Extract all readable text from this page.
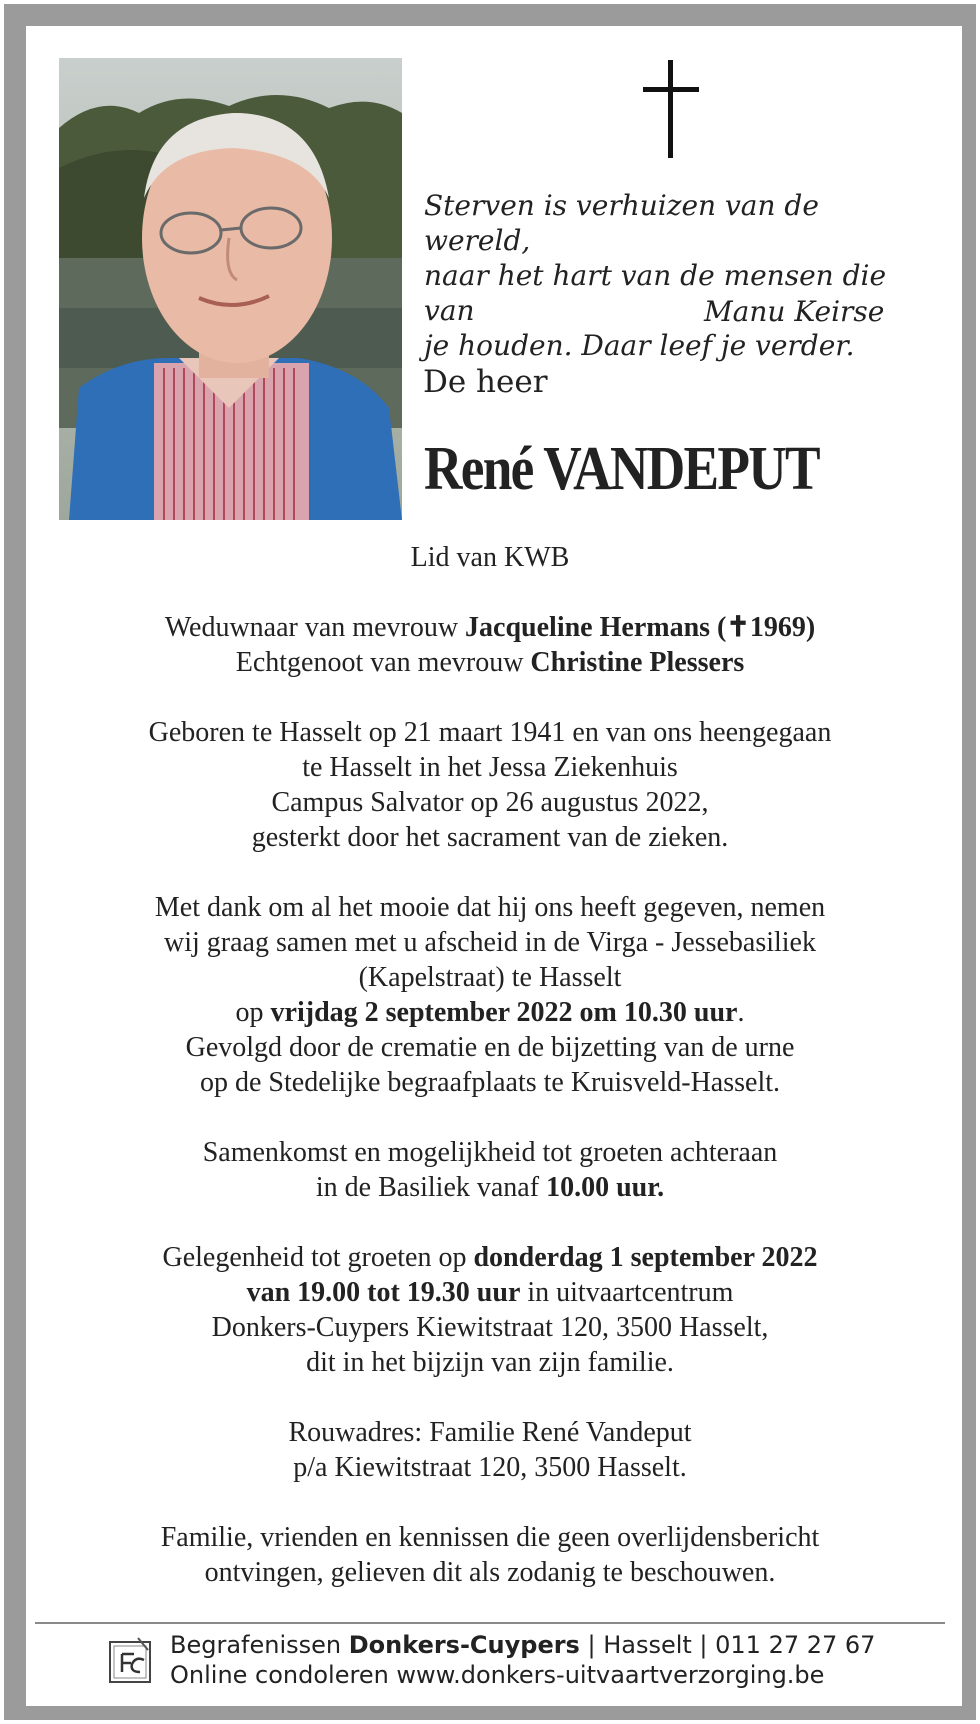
Sterven is verhuizen van de wereld,
naar het hart van de mensen die van
je houden. Daar leef je verder.
Manu Keirse
De heer
René VANDEPUT

Lid van KWB

Weduwnaar van mevrouw Jacqueline Hermans (✝1969)
Echtgenoot van mevrouw Christine Plessers

Geboren te Hasselt op 21 maart 1941 en van ons heengegaan
te Hasselt in het Jessa Ziekenhuis
Campus Salvator op 26 augustus 2022,
gesterkt door het sacrament van de zieken.

Met dank om al het mooie dat hij ons heeft gegeven, nemen
wij graag samen met u afscheid in de Virga - Jessebasiliek
(Kapelstraat) te Hasselt
op vrijdag 2 september 2022 om 10.30 uur.
Gevolgd door de crematie en de bijzetting van de urne
op de Stedelijke begraafplaats te Kruisveld-Hasselt.

Samenkomst en mogelijkheid tot groeten achteraan
in de Basiliek vanaf 10.00 uur.

Gelegenheid tot groeten op donderdag 1 september 2022
van 19.00 tot 19.30 uur in uitvaartcentrum
Donkers-Cuypers Kiewitstraat 120, 3500 Hasselt,
dit in het bijzijn van zijn familie.

Rouwadres: Familie René Vandeput
p/a Kiewitstraat 120, 3500 Hasselt.

Familie, vrienden en kennissen die geen overlijdensbericht
ontvingen, gelieven dit als zodanig te beschouwen.

Begrafenissen Donkers-Cuypers | Hasselt | 011 27 27 67
Online condoleren www.donkers-uitvaartverzorging.be
